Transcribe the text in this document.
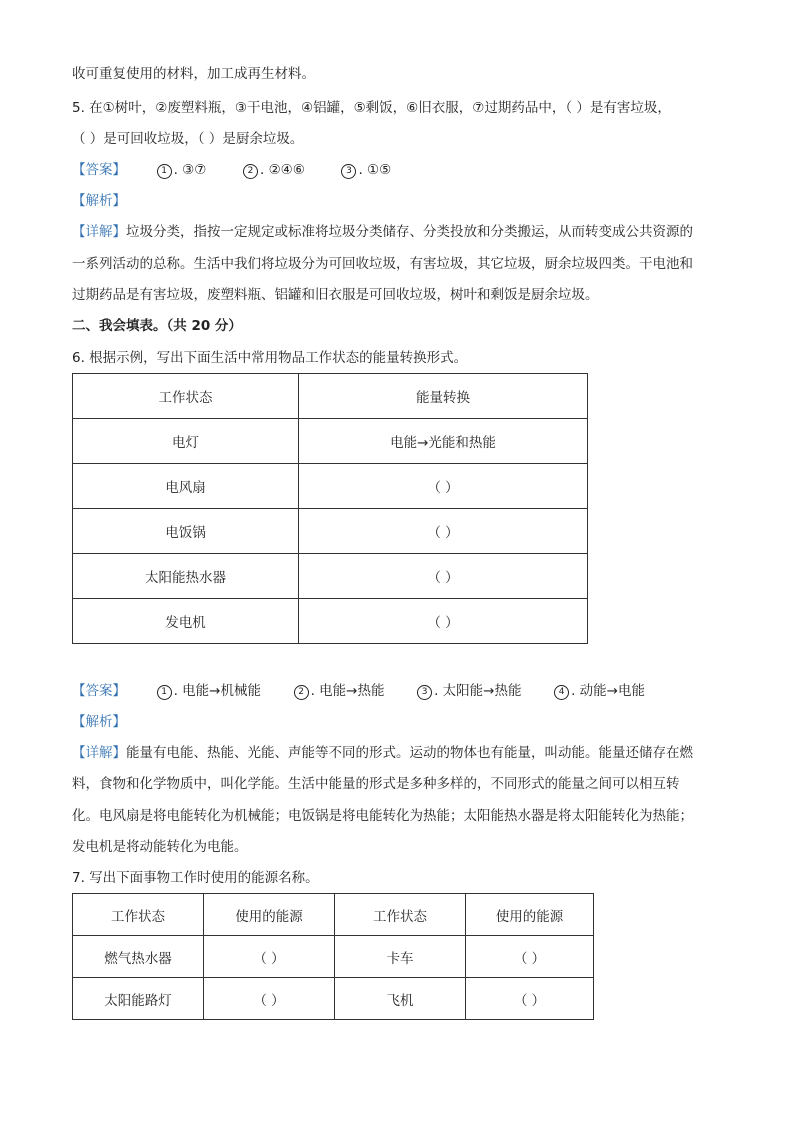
收可重复使用的材料，加工成再生材料。
5. 在①树叶，②废塑料瓶，③干电池，④铝罐，⑤剩饭，⑥旧衣服，⑦过期药品中，（ ）是有害垃圾，
（ ）是可回收垃圾，（ ）是厨余垃圾。
【答案】	1 . ③⑦	2 . ②④⑥	3 . ①⑤
【解析】
【详解】垃圾分类，指按一定规定或标准将垃圾分类储存、分类投放和分类搬运，从而转变成公共资源的
一系列活动的总称。生活中我们将垃圾分为可回收垃圾，有害垃圾，其它垃圾，厨余垃圾四类。干电池和
过期药品是有害垃圾，废塑料瓶、铝罐和旧衣服是可回收垃圾，树叶和剩饭是厨余垃圾。
二、我会填表。（共 20 分）
6. 根据示例，写出下面生活中常用物品工作状态的能量转换形式。
工作状态	能量转换
电灯	电能→光能和热能
电风扇	（ ）
电饭锅	（ ）
太阳能热水器	（ ）
发电机	（ ）
【答案】	1 . 电能→机械能	2 . 电能→热能	3 . 太阳能→热能	4 . 动能→电能
【解析】
【详解】能量有电能、热能、光能、声能等不同的形式。运动的物体也有能量，叫动能。能量还储存在燃
料，食物和化学物质中，叫化学能。生活中能量的形式是多种多样的，不同形式的能量之间可以相互转
化。电风扇是将电能转化为机械能；电饭锅是将电能转化为热能；太阳能热水器是将太阳能转化为热能；
发电机是将动能转化为电能。
7. 写出下面事物工作时使用的能源名称。
工作状态	使用的能源	工作状态	使用的能源
燃气热水器	（ ）	卡车	（ ）
太阳能路灯	（ ）	飞机	（ ）
